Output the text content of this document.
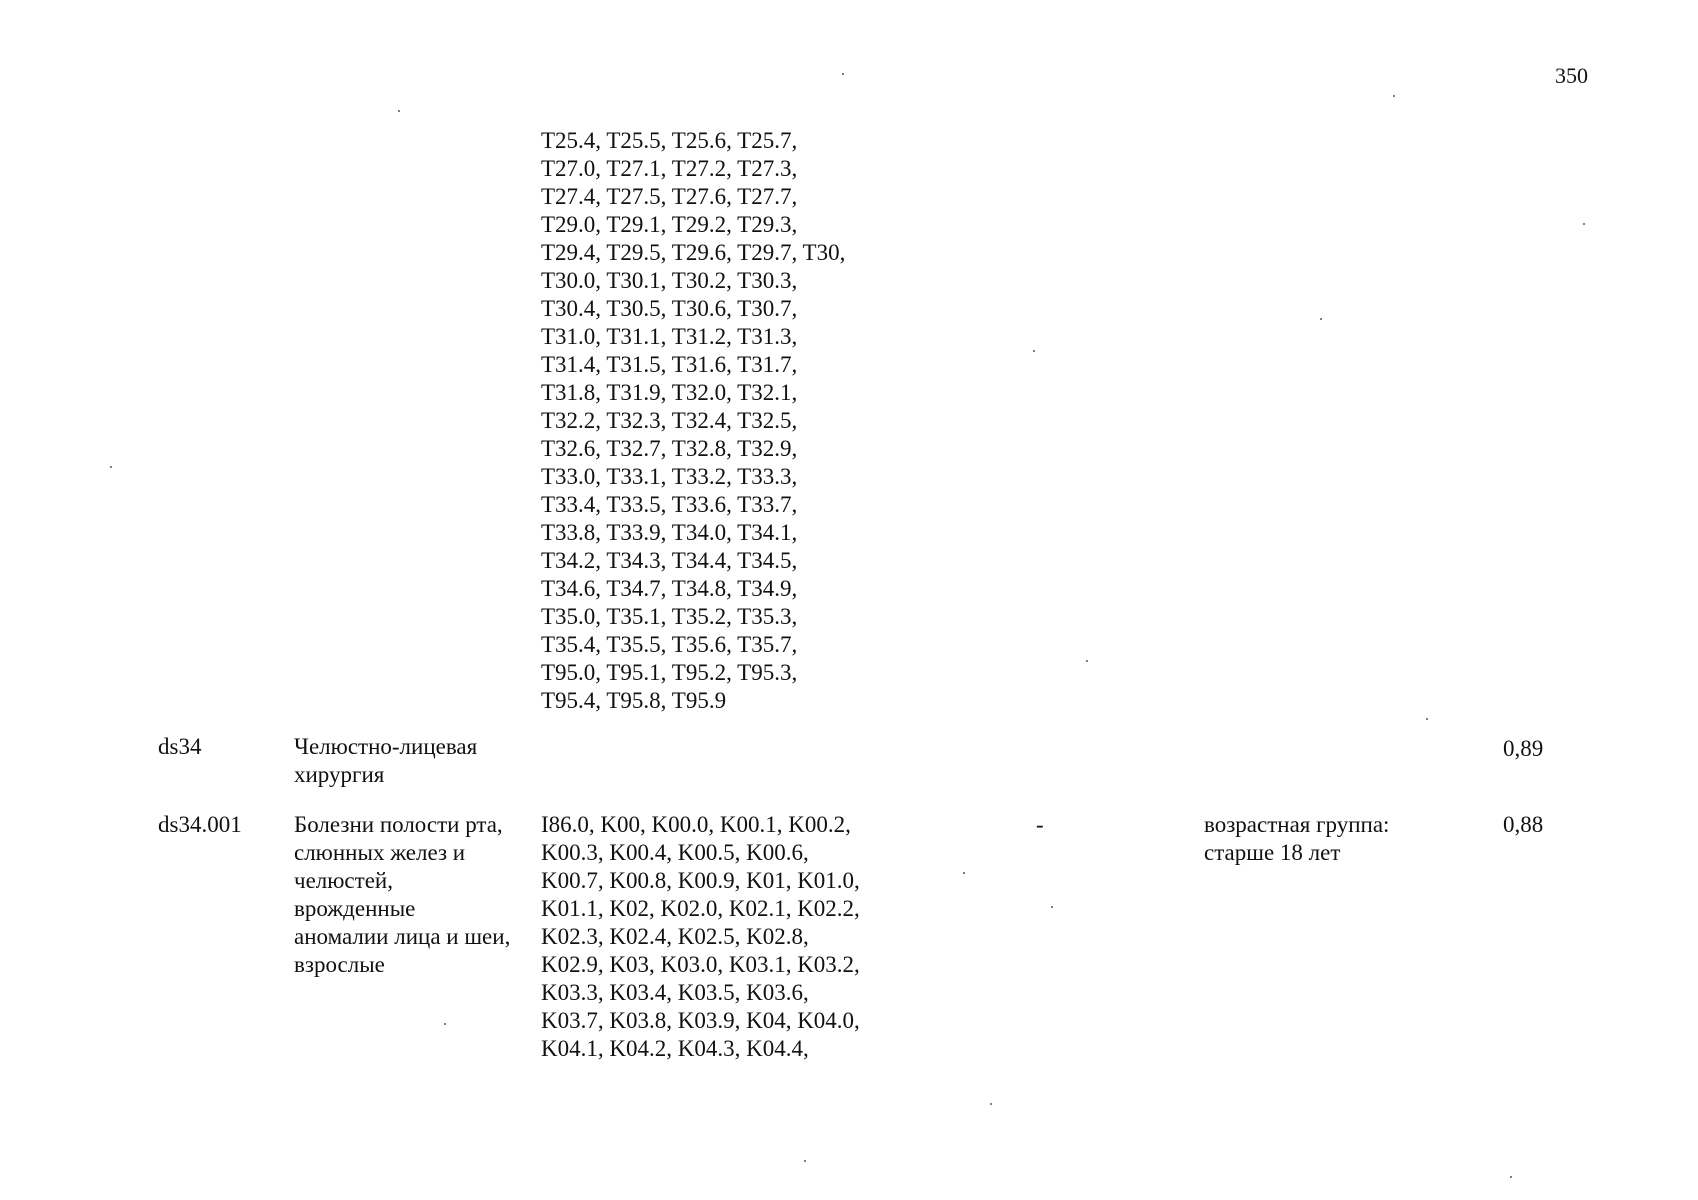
350
T25.4, T25.5, T25.6, T25.7,
T27.0, T27.1, T27.2, T27.3,
T27.4, T27.5, T27.6, T27.7,
T29.0, T29.1, T29.2, T29.3,
T29.4, T29.5, T29.6, T29.7, T30,
T30.0, T30.1, T30.2, T30.3,
T30.4, T30.5, T30.6, T30.7,
T31.0, T31.1, T31.2, T31.3,
T31.4, T31.5, T31.6, T31.7,
T31.8, T31.9, T32.0, T32.1,
T32.2, T32.3, T32.4, T32.5,
T32.6, T32.7, T32.8, T32.9,
T33.0, T33.1, T33.2, T33.3,
T33.4, T33.5, T33.6, T33.7,
T33.8, T33.9, T34.0, T34.1,
T34.2, T34.3, T34.4, T34.5,
T34.6, T34.7, T34.8, T34.9,
T35.0, T35.1, T35.2, T35.3,
T35.4, T35.5, T35.6, T35.7,
T95.0, T95.1, T95.2, T95.3,
T95.4, T95.8, T95.9
ds34	Челюстно-лицевая
хирургия
0,89
ds34.001 Болезни полости рта,
слюнных желез и
челюстей,
врожденные
аномалии лица и шеи,
взрослые
I86.0, K00, K00.0, K00.1, K00.2,
K00.3, K00.4, K00.5, K00.6,
K00.7, K00.8, K00.9, K01, K01.0,
K01.1, K02, K02.0, K02.1, K02.2,
K02.3, K02.4, K02.5, K02.8,
K02.9, K03, K03.0, K03.1, K03.2,
K03.3, K03.4, K03.5, K03.6,
K03.7, K03.8, K03.9, K04, K04.0,
K04.1, K04.2, K04.3, K04.4,
-	возрастная группа:
старше 18 лет
0,88
